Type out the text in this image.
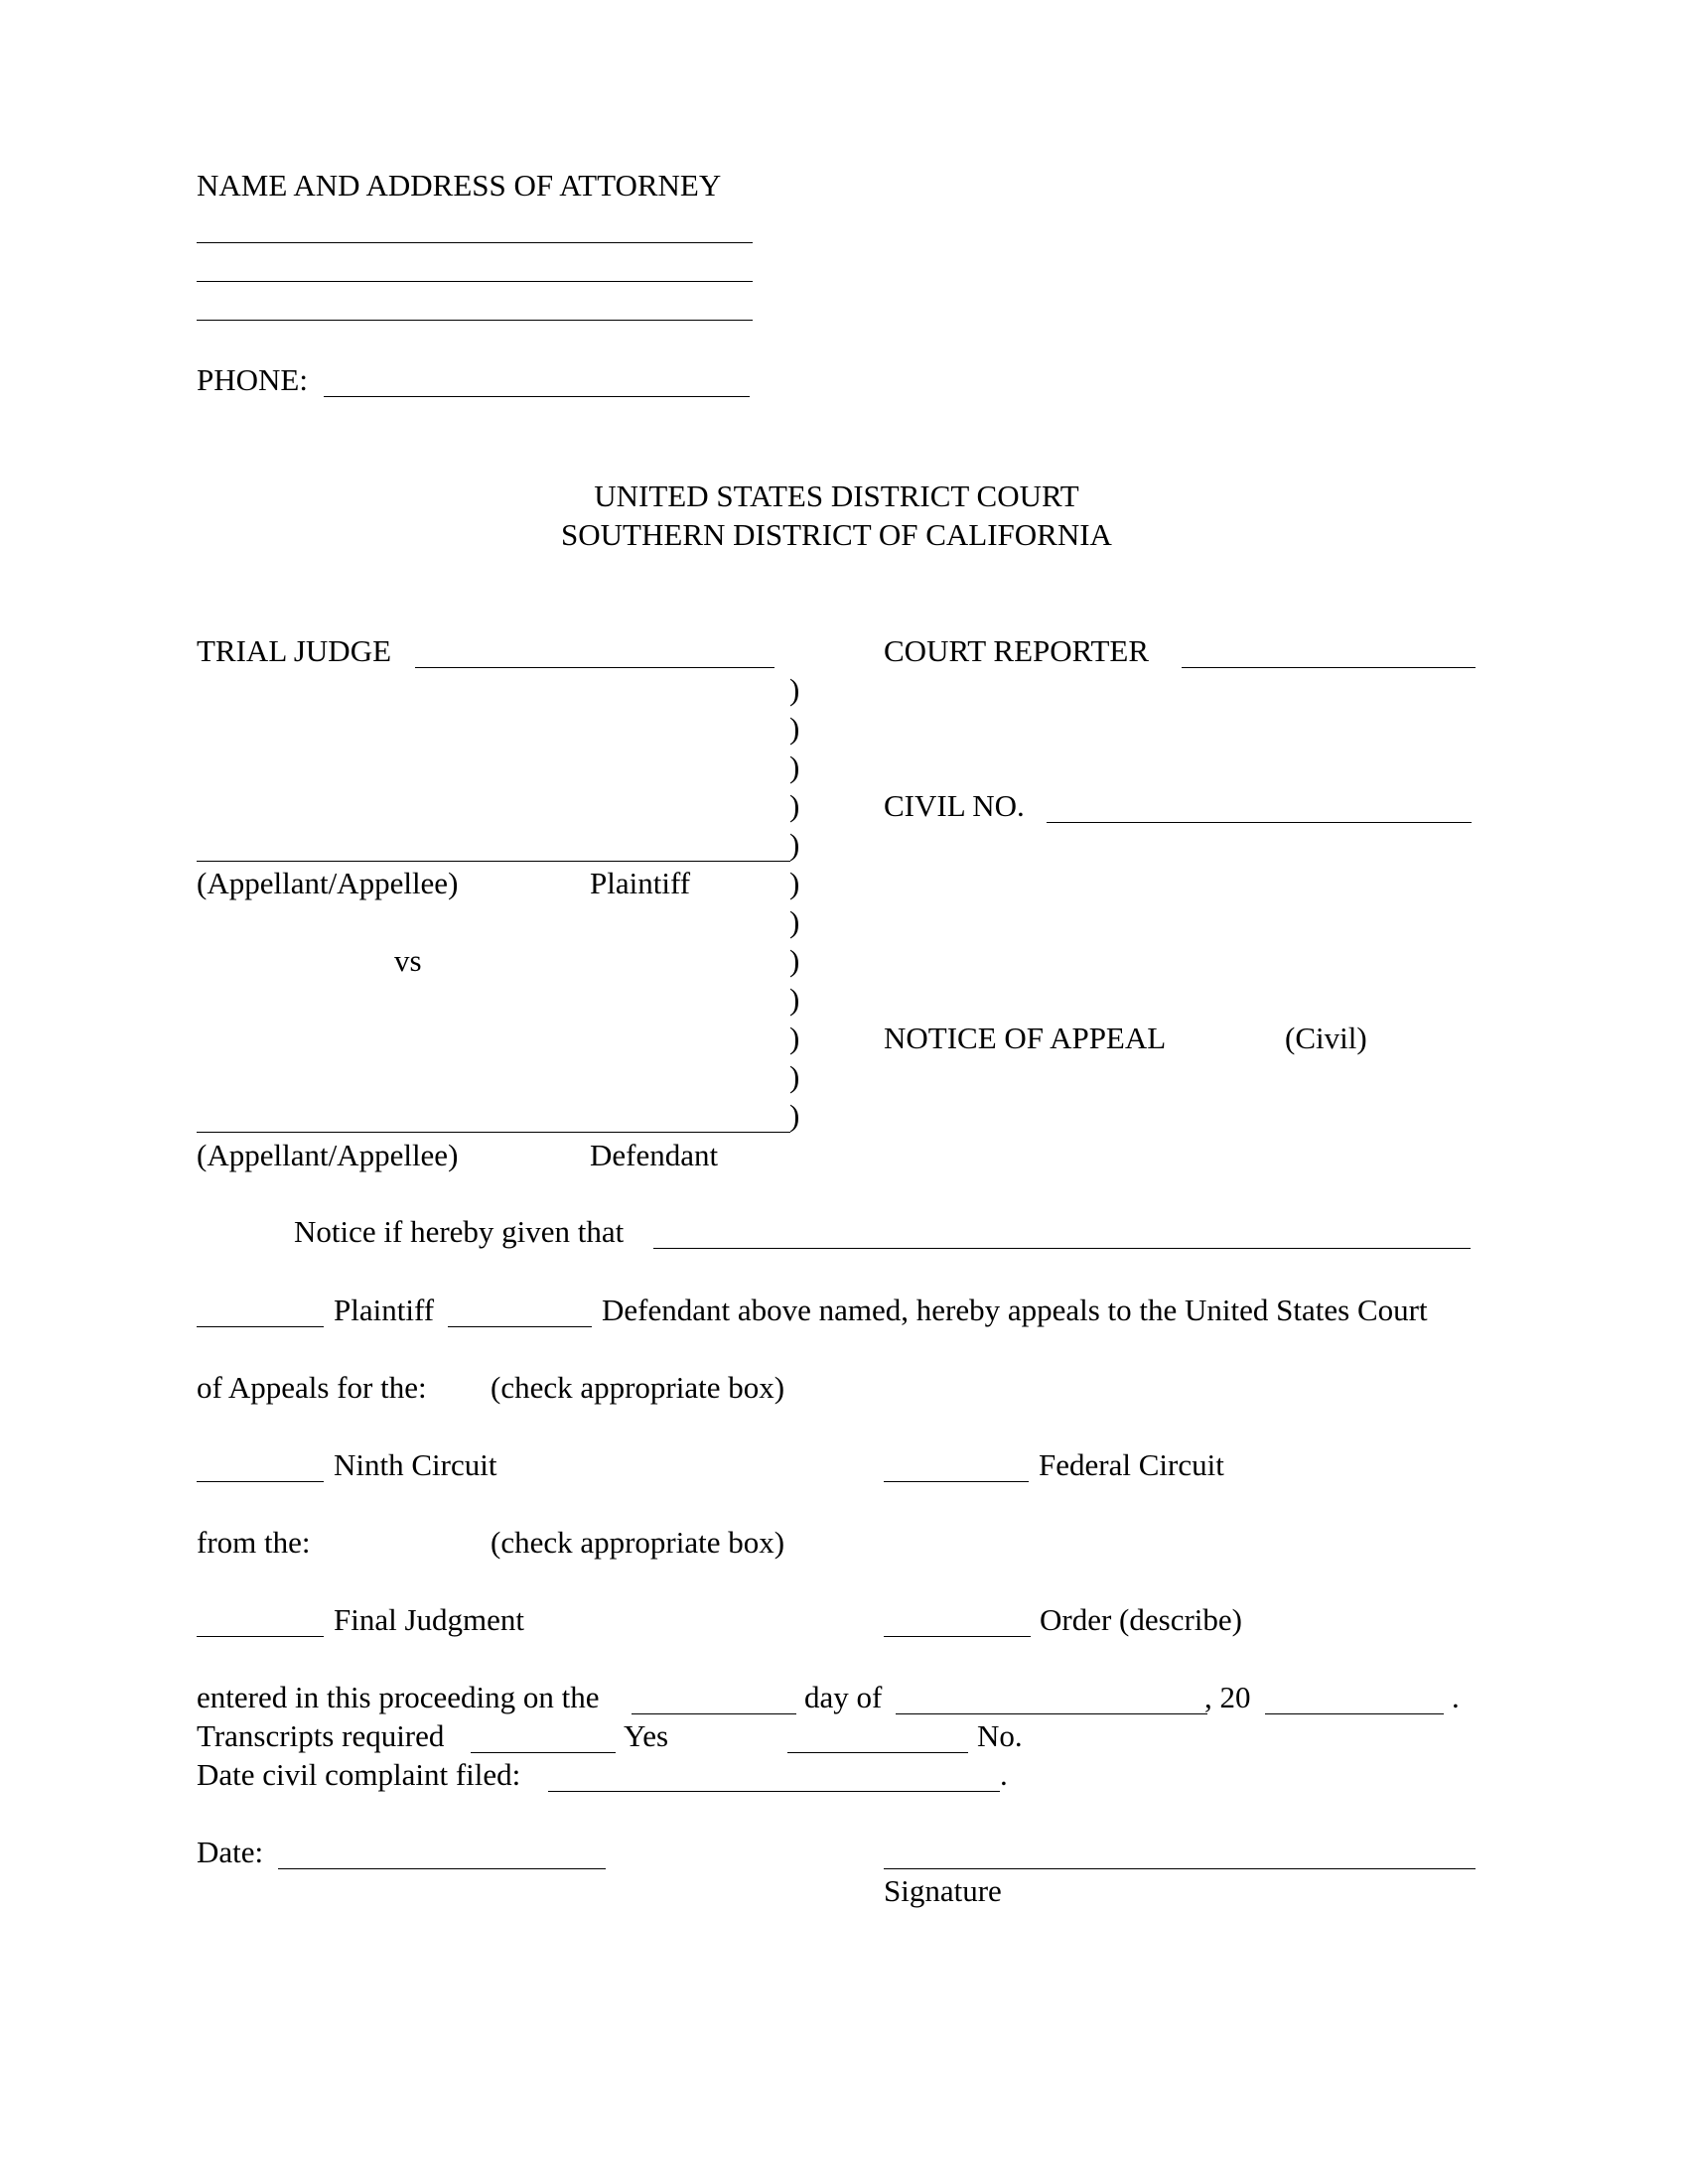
NAME AND ADDRESS OF ATTORNEY
PHONE:
UNITED STATES DISTRICT COURT
SOUTHERN DISTRICT OF CALIFORNIA
TRIAL JUDGE	COURT REPORTER
)
)
)
)
)
)
)
)
)
)
)
)
CIVIL NO.
(Appellant/Appellee)	Plaintiff
vs
NOTICE OF APPEAL	(Civil)
(Appellant/Appellee)	Defendant
Notice if hereby given that
Plaintiff	Defendant above named, hereby appeals to the United States Court
of Appeals for the: (check appropriate box)
Ninth Circuit	Federal Circuit
from the:	(check appropriate box)
Final Judgment	Order (describe)
entered in this proceeding on the	day of	, 20	.
Transcripts required	Yes	No.
Date civil complaint filed:	.
Date:
Signature
